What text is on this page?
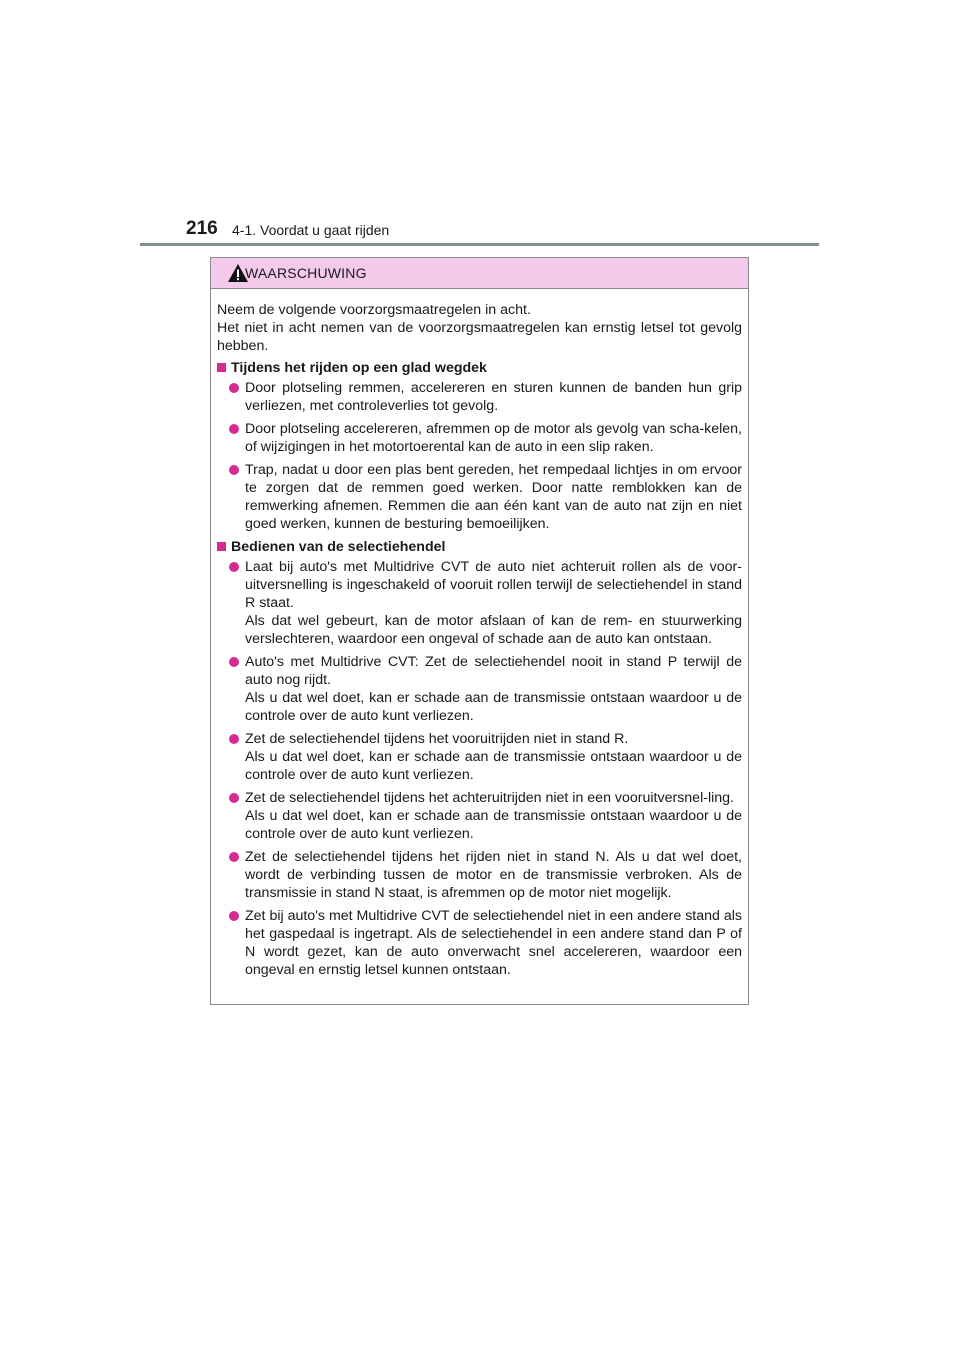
216 4-1. Voordat u gaat rijden
WAARSCHUWING

Neem de volgende voorzorgsmaatregelen in acht.
Het niet in acht nemen van de voorzorgsmaatregelen kan ernstig letsel tot gevolg hebben.

Tijdens het rijden op een glad wegdek

Door plotseling remmen, accelereren en sturen kunnen de banden hun grip verliezen, met controleverlies tot gevolg.

Door plotseling accelereren, afremmen op de motor als gevolg van scha-kelen, of wijzigingen in het motortoerental kan de auto in een slip raken.

Trap, nadat u door een plas bent gereden, het rempedaal lichtjes in om ervoor te zorgen dat de remmen goed werken. Door natte remblokken kan de remwerking afnemen. Remmen die aan één kant van de auto nat zijn en niet goed werken, kunnen de besturing bemoeilijken.

Bedienen van de selectiehendel

Laat bij auto's met Multidrive CVT de auto niet achteruit rollen als de voor-uitversnelling is ingeschakeld of vooruit rollen terwijl de selectiehendel in stand R staat.

Als dat wel gebeurt, kan de motor afslaan of kan de rem- en stuurwerking verslechteren, waardoor een ongeval of schade aan de auto kan ontstaan.

Auto's met Multidrive CVT: Zet de selectiehendel nooit in stand P terwijl de auto nog rijdt.

Als u dat wel doet, kan er schade aan de transmissie ontstaan waardoor u de controle over de auto kunt verliezen.

Zet de selectiehendel tijdens het vooruitrijden niet in stand R.

Als u dat wel doet, kan er schade aan de transmissie ontstaan waardoor u de controle over de auto kunt verliezen.

Zet de selectiehendel tijdens het achteruitrijden niet in een vooruitversnel-ling.

Als u dat wel doet, kan er schade aan de transmissie ontstaan waardoor u de controle over de auto kunt verliezen.

Zet de selectiehendel tijdens het rijden niet in stand N. Als u dat wel doet, wordt de verbinding tussen de motor en de transmissie verbroken. Als de transmissie in stand N staat, is afremmen op de motor niet mogelijk.

Zet bij auto's met Multidrive CVT de selectiehendel niet in een andere stand als het gaspedaal is ingetrapt. Als de selectiehendel in een andere stand dan P of N wordt gezet, kan de auto onverwacht snel accelereren, waardoor een ongeval en ernstig letsel kunnen ontstaan.
